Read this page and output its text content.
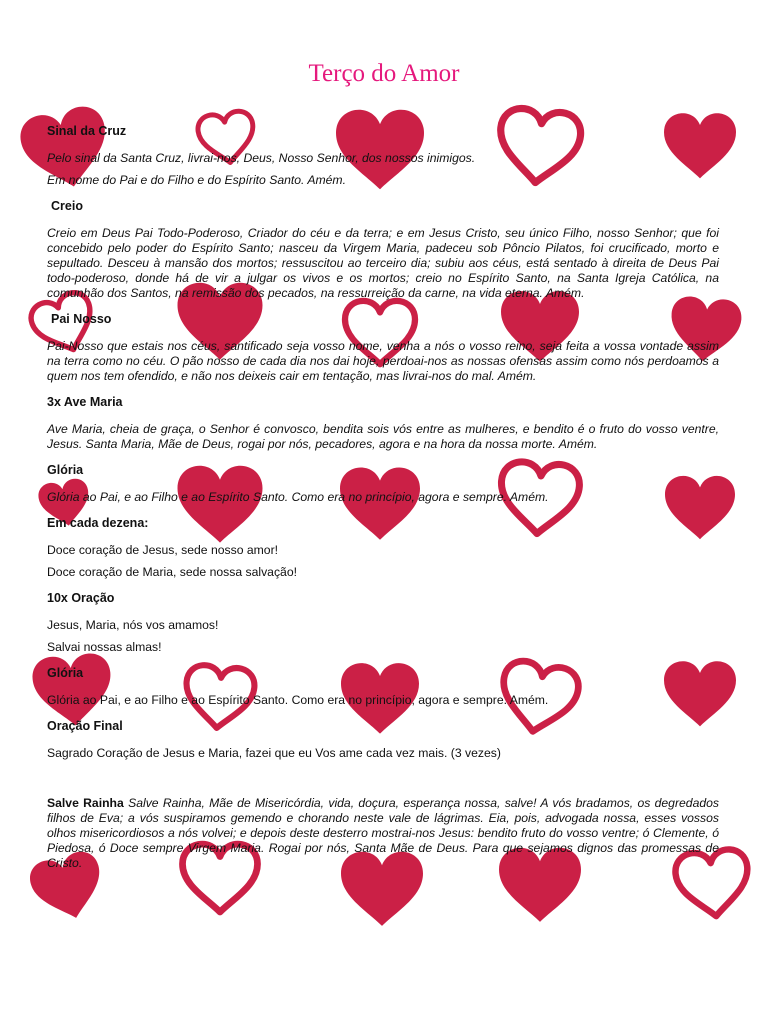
Terço do Amor
Sinal da Cruz
Pelo sinal da Santa Cruz, livrai-nos, Deus, Nosso Senhor, dos nossos inimigos.
Em nome do Pai e do Filho e do Espírito Santo. Amém.
Creio
Creio em Deus Pai Todo-Poderoso, Criador do céu e da terra; e em Jesus Cristo, seu único Filho, nosso Senhor; que foi concebido pelo poder do Espírito Santo; nasceu da Virgem Maria, padeceu sob Pôncio Pilatos, foi crucificado, morto e sepultado. Desceu à mansão dos mortos; ressuscitou ao terceiro dia; subiu aos céus, está sentado à direita de Deus Pai todo-poderoso, donde há de vir a julgar os vivos e os mortos; creio no Espírito Santo, na Santa Igreja Católica, na comunhão dos Santos, na remissão dos pecados, na ressurreição da carne, na vida eterna. Amém.
Pai Nosso
Pai-Nosso que estais nos céus, santificado seja vosso nome, venha a nós o vosso reino, seja feita a vossa vontade assim na terra como no céu. O pão nosso de cada dia nos dai hoje, perdoai-nos as nossas ofensas assim como nós perdoamos a quem nos tem ofendido, e não nos deixeis cair em tentação, mas livrai-nos do mal. Amém.
3x Ave Maria
Ave Maria, cheia de graça, o Senhor é convosco, bendita sois vós entre as mulheres, e bendito é o fruto do vosso ventre, Jesus. Santa Maria, Mãe de Deus, rogai por nós, pecadores, agora e na hora da nossa morte. Amém.
Glória
Glória ao Pai, e ao Filho e ao Espírito Santo. Como era no princípio, agora e sempre. Amém.
Em cada dezena:
Doce coração de Jesus, sede nosso amor!
Doce coração de Maria, sede nossa salvação!
10x Oração
Jesus, Maria, nós vos amamos!
Salvai nossas almas!
Glória
Glória ao Pai, e ao Filho e ao Espírito Santo. Como era no princípio, agora e sempre. Amém.
Oração Final
Sagrado Coração de Jesus e Maria, fazei que eu Vos ame cada vez mais. (3 vezes)
Salve Rainha Salve Rainha, Mãe de Misericórdia, vida, doçura, esperança nossa, salve! A vós bradamos, os degredados filhos de Eva; a vós suspiramos gemendo e chorando neste vale de lágrimas. Eia, pois, advogada nossa, esses vossos olhos misericordiosos a nós volvei; e depois deste desterro mostrai-nos Jesus: bendito fruto do vosso ventre; ó Clemente, ó Piedosa, ó Doce sempre Virgem Maria. Rogai por nós, Santa Mãe de Deus. Para que sejamos dignos das promessas de Cristo.
